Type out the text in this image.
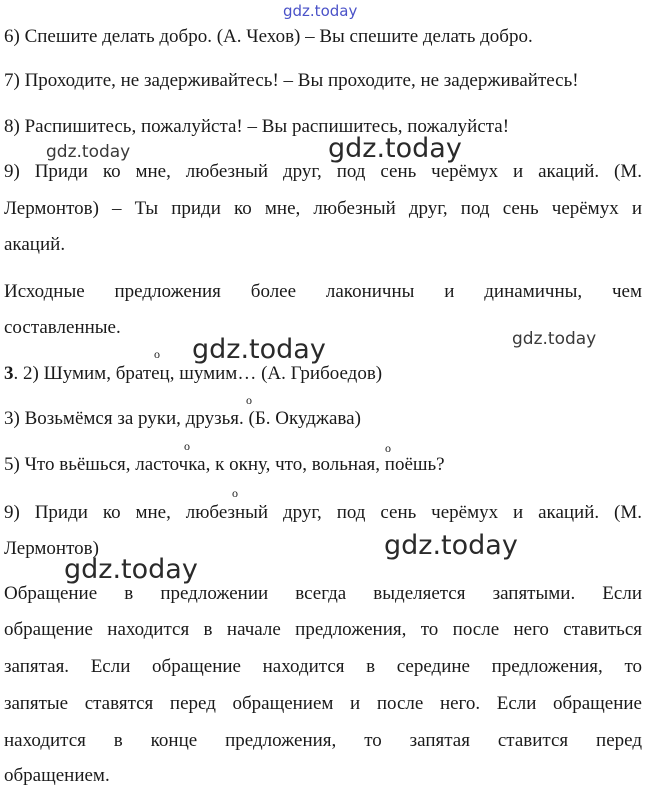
gdz.today
gdz.today	gdz.today
gdz.today
gdz.today
gdz.today
gdz.today
6) Спешите делать добро. (А. Чехов) – Вы спешите делать добро.
7) Проходите, не задерживайтесь! – Вы проходите, не задерживайтесь!
8) Распишитесь, пожалуйста! – Вы распишитесь, пожалуйста!
9) Приди ко мне, любезный друг, под сень черёмух и акаций. (М.
Лермонтов) – Ты приди ко мне, любезный друг, под сень черёмух и
акаций.
Исходные предложения более лаконичны и динамичны, чем
составленные.
3. 2) Шумим, братец, шумим… (А. Грибоедов)
o
3) Возьмёмся за руки, друзья. (Б. Окуджава)
o
5) Что вьёшься, ласточка, к окну, что, вольная, поёшь?
o	o
9) Приди ко мне, любезный друг, под сень черёмух и акаций. (М.
o
Лермонтов)
Обращение в предложении всегда выделяется запятыми. Если
обращение находится в начале предложения, то после него ставиться
запятая. Если обращение находится в середине предложения, то
запятые ставятся перед обращением и после него. Если обращение
находится в конце предложения, то запятая ставится перед
обращением.
